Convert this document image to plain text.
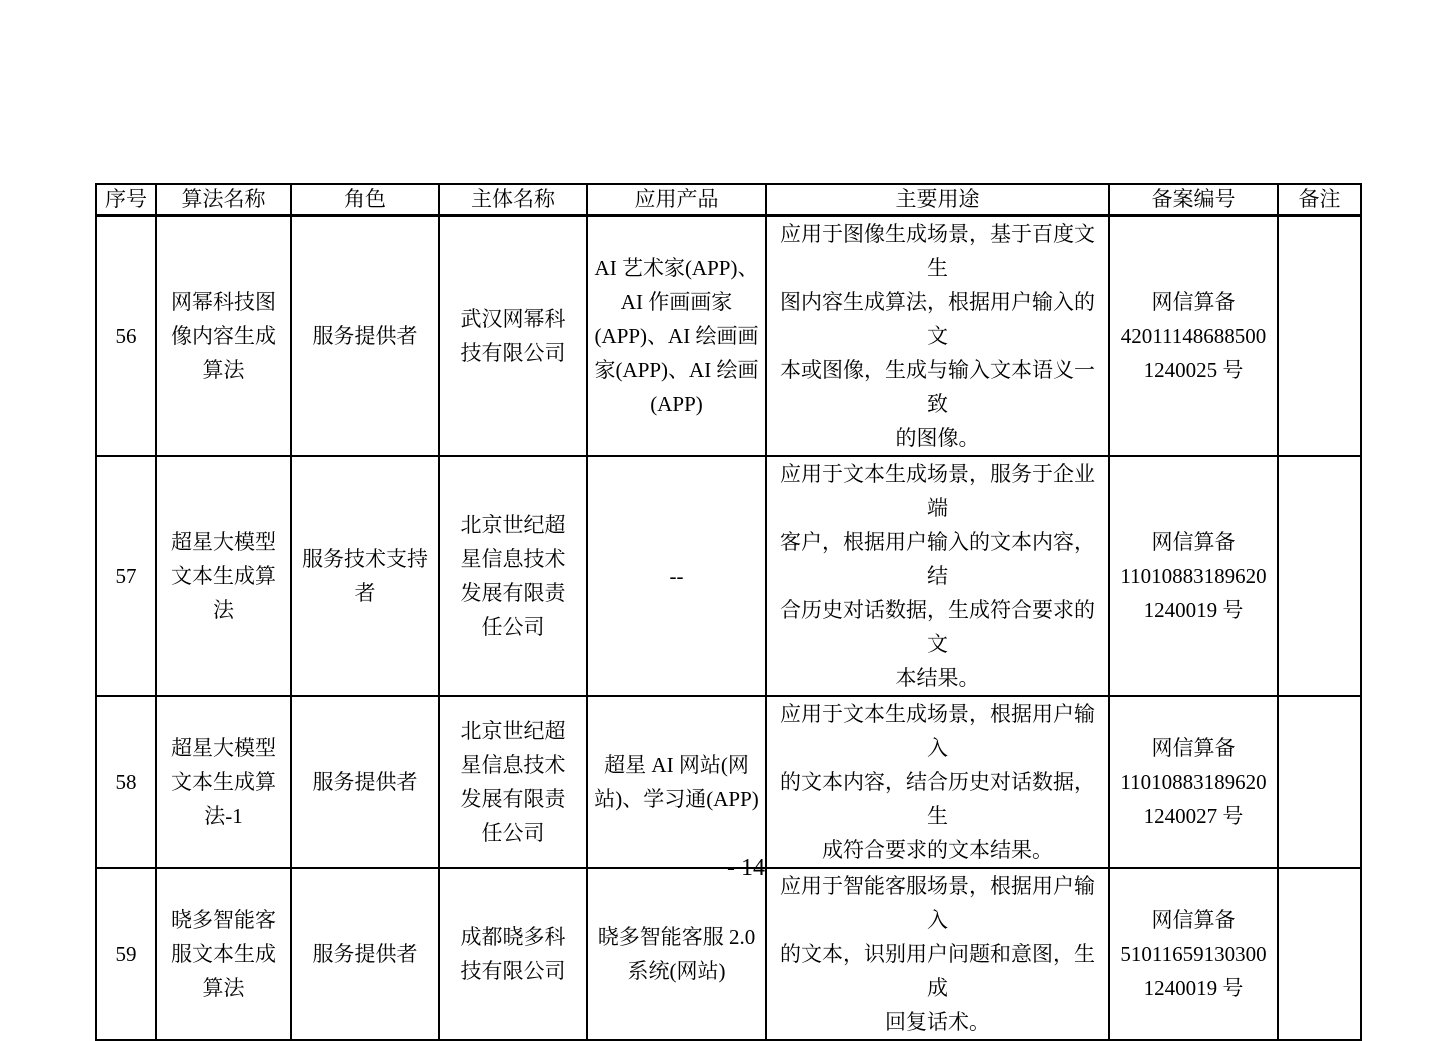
序号	算法名称	角色	主体名称	应用产品	主要用途	备案编号	备注
56	网幂科技图
像内容生成
算法	服务提供者	武汉网幂科
技有限公司	AI 艺术家(APP)、
AI 作画画家
(APP)、AI 绘画画
家(APP)、AI 绘画
(APP)	应用于图像生成场景，基于百度文生
图内容生成算法，根据用户输入的文
本或图像，生成与输入文本语义一致
的图像。	网信算备
42011148688500
1240025 号	
57	超星大模型
文本生成算
法	服务技术支持
者	北京世纪超
星信息技术
发展有限责
任公司	--	应用于文本生成场景，服务于企业端
客户，根据用户输入的文本内容，结
合历史对话数据，生成符合要求的文
本结果。	网信算备
11010883189620
1240019 号	
58	超星大模型
文本生成算
法-1	服务提供者	北京世纪超
星信息技术
发展有限责
任公司	超星 AI 网站(网
站)、学习通(APP)	应用于文本生成场景，根据用户输入
的文本内容，结合历史对话数据，生
成符合要求的文本结果。	网信算备
11010883189620
1240027 号	
59	晓多智能客
服文本生成
算法	服务提供者	成都晓多科
技有限公司	晓多智能客服 2.0
系统(网站)	应用于智能客服场景，根据用户输入
的文本，识别用户问题和意图，生成
回复话术。	网信算备
51011659130300
1240019 号	
- 14
